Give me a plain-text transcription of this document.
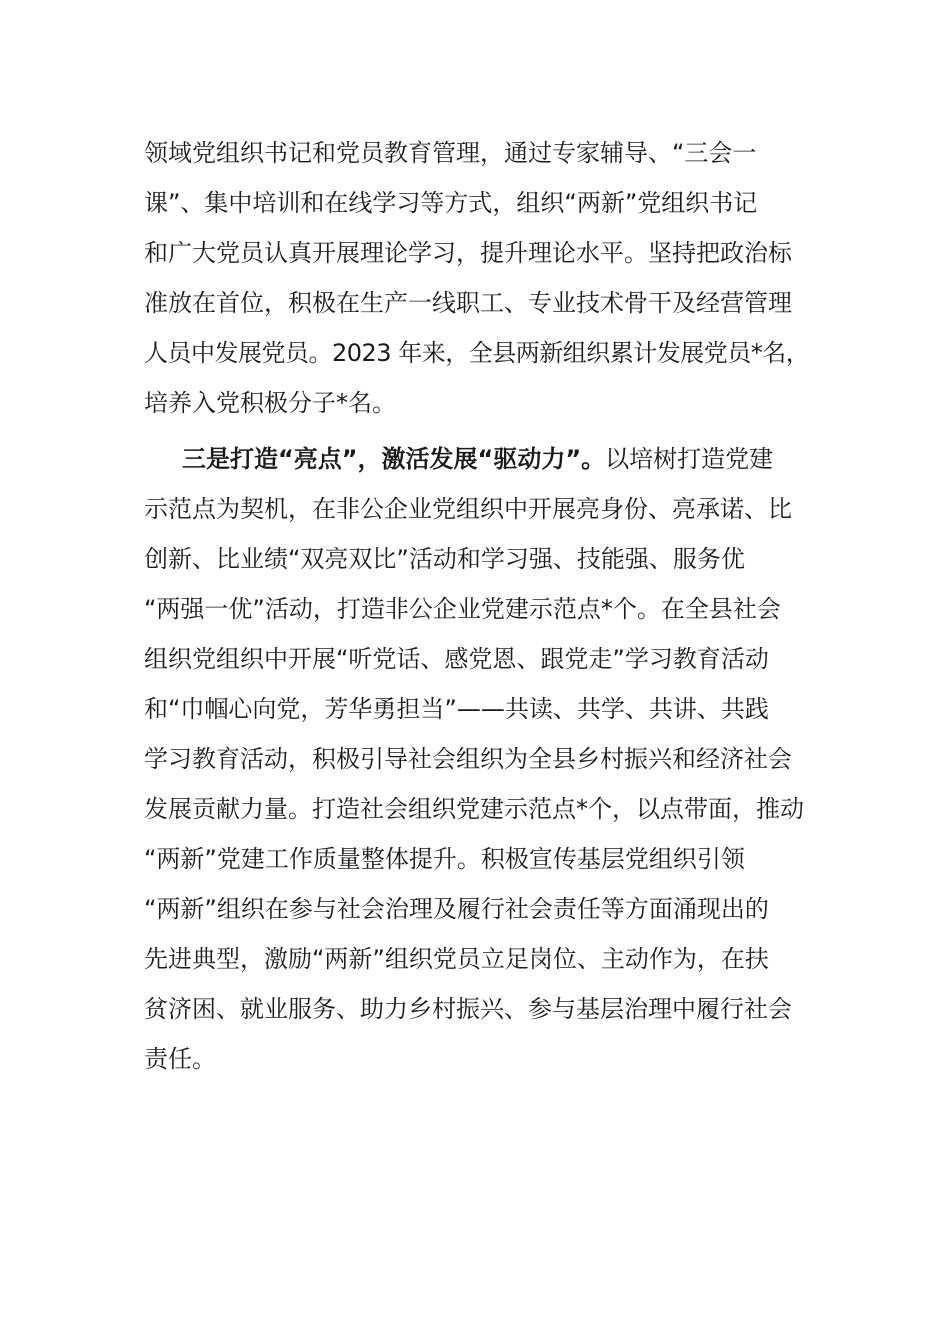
领域党组织书记和党员教育管理，通过专家辅导、“三会一
课”、集中培训和在线学习等方式，组织“两新”党组织书记
和广大党员认真开展理论学习，提升理论水平。坚持把政治标
准放在首位，积极在生产一线职工、专业技术骨干及经营管理
人员中发展党员。2023 年来，全县两新组织累计发展党员*名，
培养入党积极分子*名。
三是打造“亮点”，激活发展“驱动力”。以培树打造党建
示范点为契机，在非公企业党组织中开展亮身份、亮承诺、比
创新、比业绩“双亮双比”活动和学习强、技能强、服务优
“两强一优”活动，打造非公企业党建示范点*个。在全县社会
组织党组织中开展“听党话、感党恩、跟党走”学习教育活动
和“巾帼心向党，芳华勇担当”——共读、共学、共讲、共践
学习教育活动，积极引导社会组织为全县乡村振兴和经济社会
发展贡献力量。打造社会组织党建示范点*个，以点带面，推动
“两新”党建工作质量整体提升。积极宣传基层党组织引领
“两新”组织在参与社会治理及履行社会责任等方面涌现出的
先进典型，激励“两新”组织党员立足岗位、主动作为，在扶
贫济困、就业服务、助力乡村振兴、参与基层治理中履行社会
责任。
